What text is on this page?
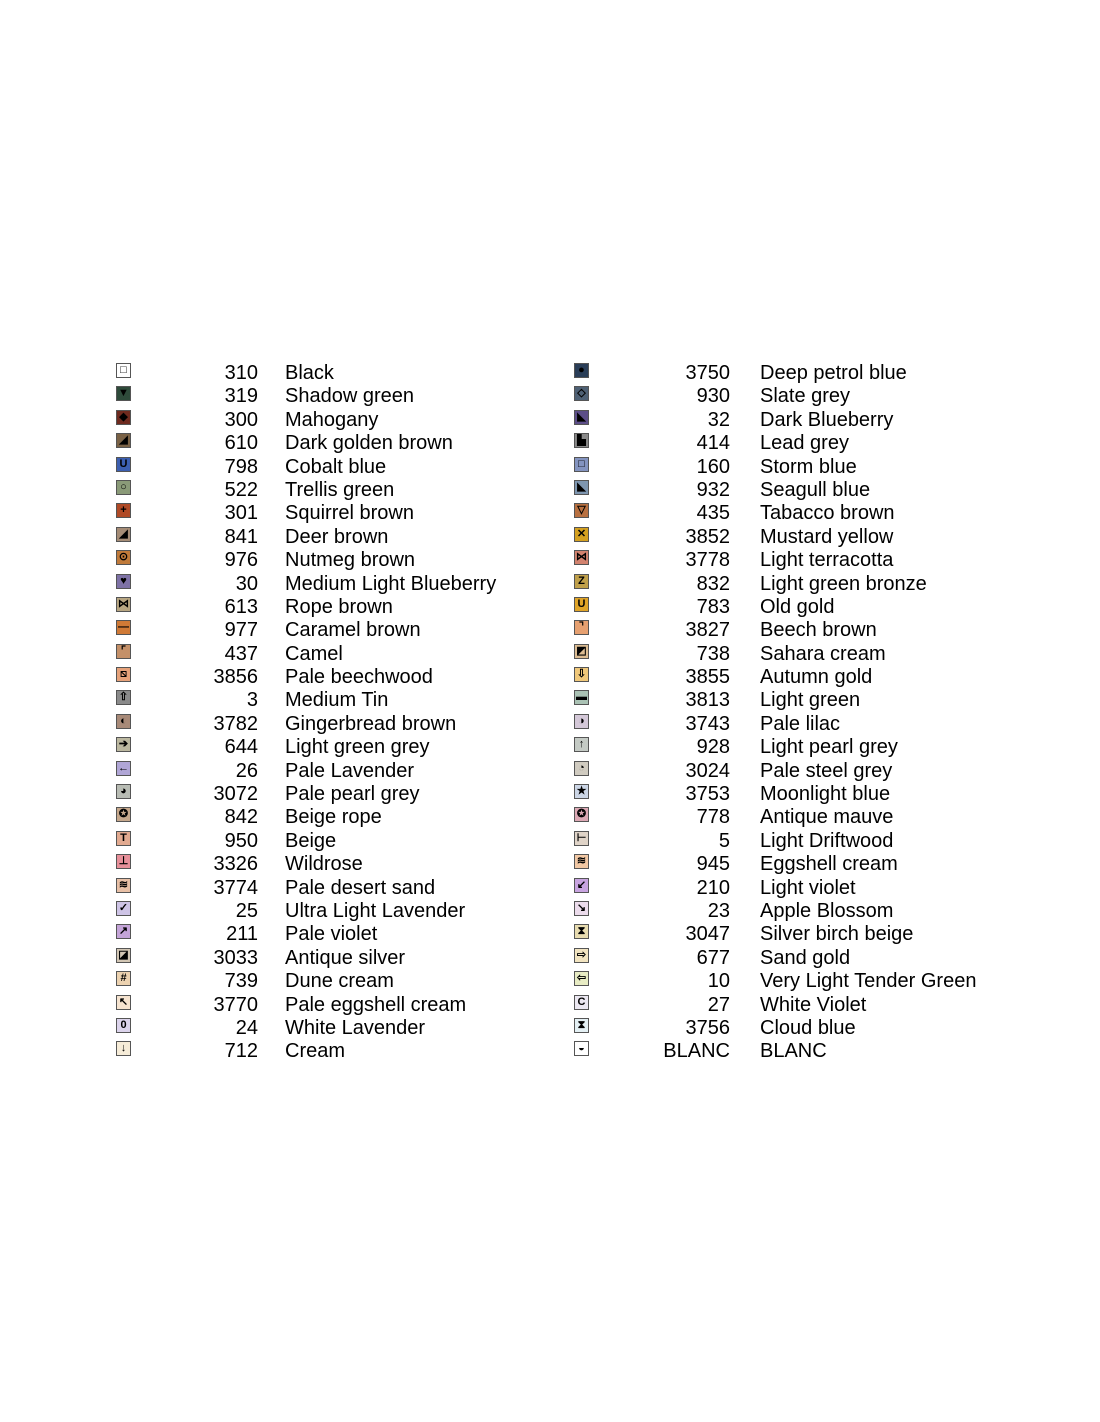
□	310 Black
▼	319 Shadow green
◆	300 Mahogany
◢	610 Dark golden brown
U	798 Cobalt blue
○	522 Trellis green
+	301 Squirrel brown
◢	841 Deer brown
⊙	976 Nutmeg brown
♥	30 Medium Light Blueberry
⋈	613 Rope brown
—	977 Caramel brown
⌜	437 Camel
⧅	3856 Pale beechwood
⇧	3 Medium Tin
◐	3782 Gingerbread brown
➔	644 Light green grey
←	26 Pale Lavender
◕	3072 Pale pearl grey
✪	842 Beige rope
T	950 Beige
⊥	3326 Wildrose
≋	3774 Pale desert sand
✓	25 Ultra Light Lavender
↗	211 Pale violet
◪	3033 Antique silver
#	739 Dune cream
↖	3770 Pale eggshell cream
0	24 White Lavender
↓	712 Cream
●	3750 Deep petrol blue
◇	930 Slate grey
◣	32 Dark Blueberry
▙	414 Lead grey
□	160 Storm blue
◣	932 Seagull blue
▽	435 Tabacco brown
✕	3852 Mustard yellow
⋈	3778 Light terracotta
Z	832 Light green bronze
U	783 Old gold
⌝	3827 Beech brown
◩	738 Sahara cream
⇩	3855 Autumn gold
▬	3813 Light green
◑	3743 Pale lilac
↑	928 Light pearl grey
◔	3024 Pale steel grey
★	3753 Moonlight blue
✪	778 Antique mauve
⊢	5 Light Driftwood
≋	945 Eggshell cream
↙	210 Light violet
↘	23 Apple Blossom
⧗	3047 Silver birch beige
⇨	677 Sand gold
⇦	10 Very Light Tender Green
C	27 White Violet
⧗	3756 Cloud blue
◒	BLANC BLANC
